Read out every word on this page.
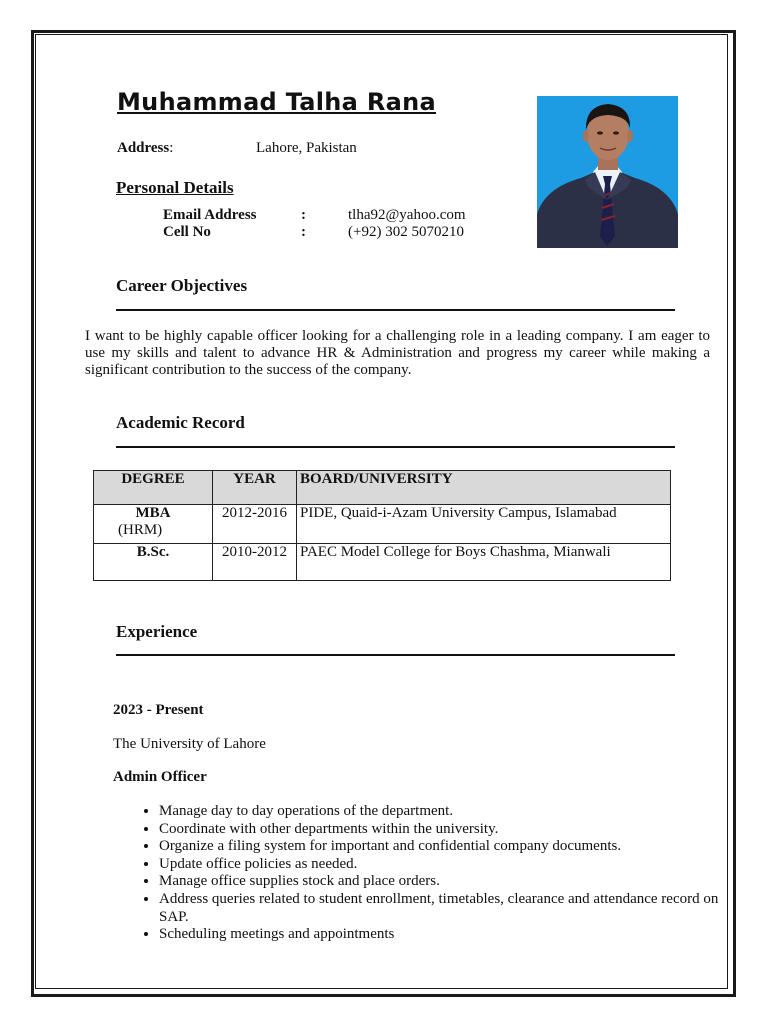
Muhammad Talha Rana
Address:	Lahore, Pakistan
Personal Details
Email Address	:	tlha92@yahoo.com
Cell No	:	(+92) 302 5070210
Career Objectives
I want to be highly capable officer looking for a challenging role in a leading company. I am eager to use my skills and talent to advance HR & Administration and progress my career while making a significant contribution to the success of the company.
Academic Record
DEGREE	YEAR	BOARD/UNIVERSITY

MBA
(HRM)	2012-2016	PIDE, Quaid-i-Azam University Campus, Islamabad

B.Sc.	2010-2012	PAEC Model College for Boys Chashma, Mianwali
Experience
2023 - Present
The University of Lahore
Admin Officer
• Manage day to day operations of the department.
• Coordinate with other departments within the university.
• Organize a filing system for important and confidential company documents.
• Update office policies as needed.
• Manage office supplies stock and place orders.
• Address queries related to student enrollment, timetables, clearance and attendance record on SAP.
• Scheduling meetings and appointments
